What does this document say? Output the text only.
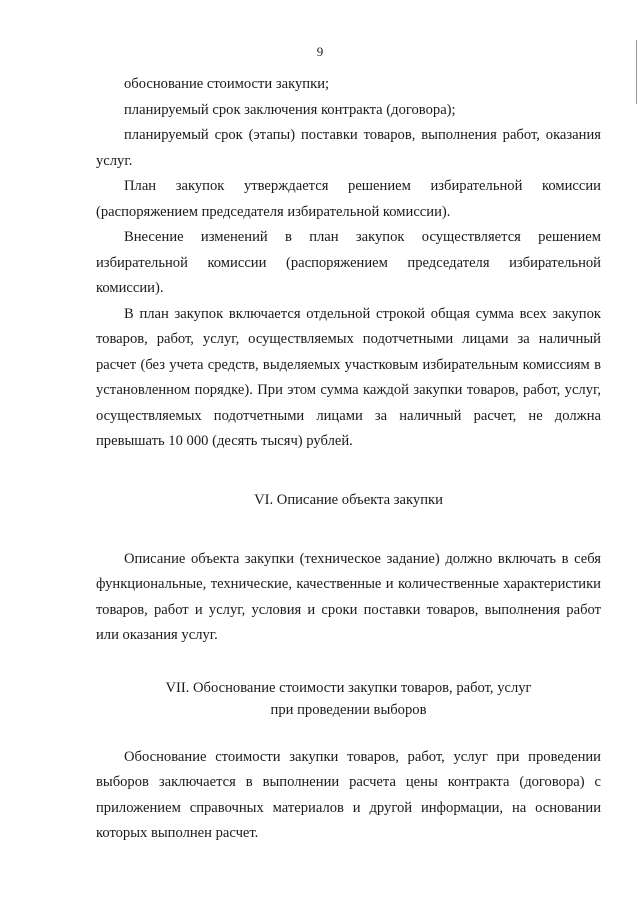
9

обоснование стоимости закупки;

планируемый срок заключения контракта (договора);

планируемый срок (этапы) поставки товаров, выполнения работ, оказания услуг.

План закупок утверждается решением избирательной комиссии (распоряжением председателя избирательной комиссии).

Внесение изменений в план закупок осуществляется решением избирательной комиссии (распоряжением председателя избирательной комиссии).

В план закупок включается отдельной строкой общая сумма всех закупок товаров, работ, услуг, осуществляемых подотчетными лицами за наличный расчет (без учета средств, выделяемых участковым избирательным комиссиям в установленном порядке). При этом сумма каждой закупки товаров, работ, услуг, осуществляемых подотчетными лицами за наличный расчет, не должна превышать 10 000 (десять тысяч) рублей.

VI. Описание объекта закупки

Описание объекта закупки (техническое задание) должно включать в себя функциональные, технические, качественные и количественные характеристики товаров, работ и услуг, условия и сроки поставки товаров, выполнения работ или оказания услуг.

VII. Обоснование стоимости закупки товаров, работ, услуг
при проведении выборов

Обоснование стоимости закупки товаров, работ, услуг при проведении выборов заключается в выполнении расчета цены контракта (договора) с приложением справочных материалов и другой информации, на основании которых выполнен расчет.
